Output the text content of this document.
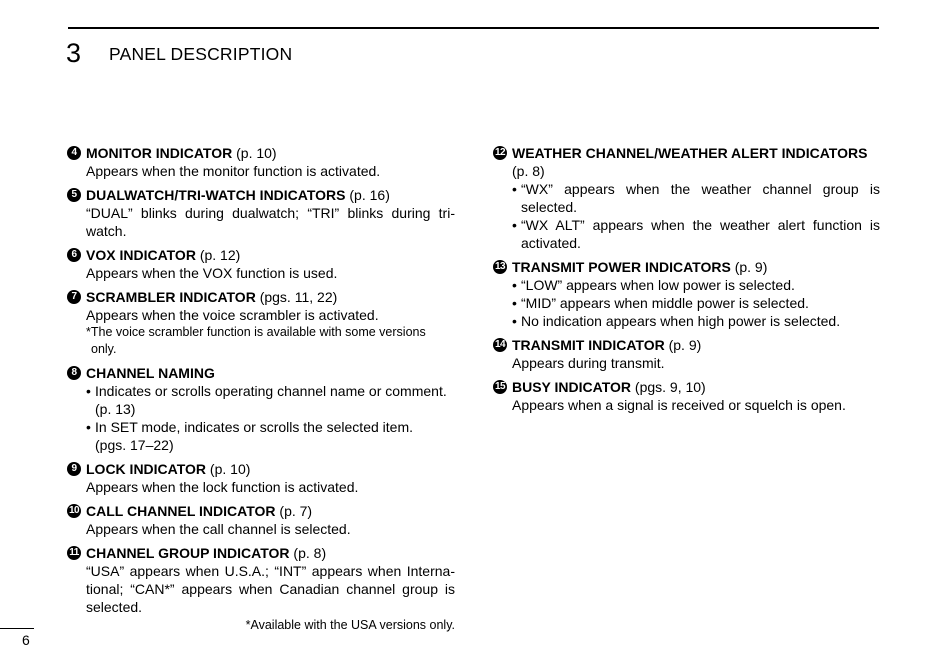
3 PANEL DESCRIPTION
4 MONITOR INDICATOR (p. 10)
Appears when the monitor function is activated.
5 DUALWATCH/TRI-WATCH INDICATORS (p. 16)
“DUAL” blinks during dualwatch; “TRI” blinks during tri-watch.
6 VOX INDICATOR (p. 12)
Appears when the VOX function is used.
7 SCRAMBLER INDICATOR (pgs. 11, 22)
Appears when the voice scrambler is activated.
*The voice scrambler function is available with some versions
only.
8 CHANNEL NAMING
• Indicates or scrolls operating channel name or comment.
(p. 13)
• In SET mode, indicates or scrolls the selected item.
(pgs. 17–22)
9 LOCK INDICATOR (p. 10)
Appears when the lock function is activated.
10 CALL CHANNEL INDICATOR (p. 7)
Appears when the call channel is selected.
11 CHANNEL GROUP INDICATOR (p. 8)
“USA” appears when U.S.A.; “INT” appears when Interna-tional; “CAN*” appears when Canadian channel group is selected.
*Available with the USA versions only.
12 WEATHER CHANNEL/WEATHER ALERT INDICATORS
(p. 8)
• “WX” appears when the weather channel group is selected.
• “WX ALT” appears when the weather alert function is activated.
13 TRANSMIT POWER INDICATORS (p. 9)
• “LOW” appears when low power is selected.
• “MID” appears when middle power is selected.
• No indication appears when high power is selected.
14 TRANSMIT INDICATOR (p. 9)
Appears during transmit.
15 BUSY INDICATOR (pgs. 9, 10)
Appears when a signal is received or squelch is open.
6
